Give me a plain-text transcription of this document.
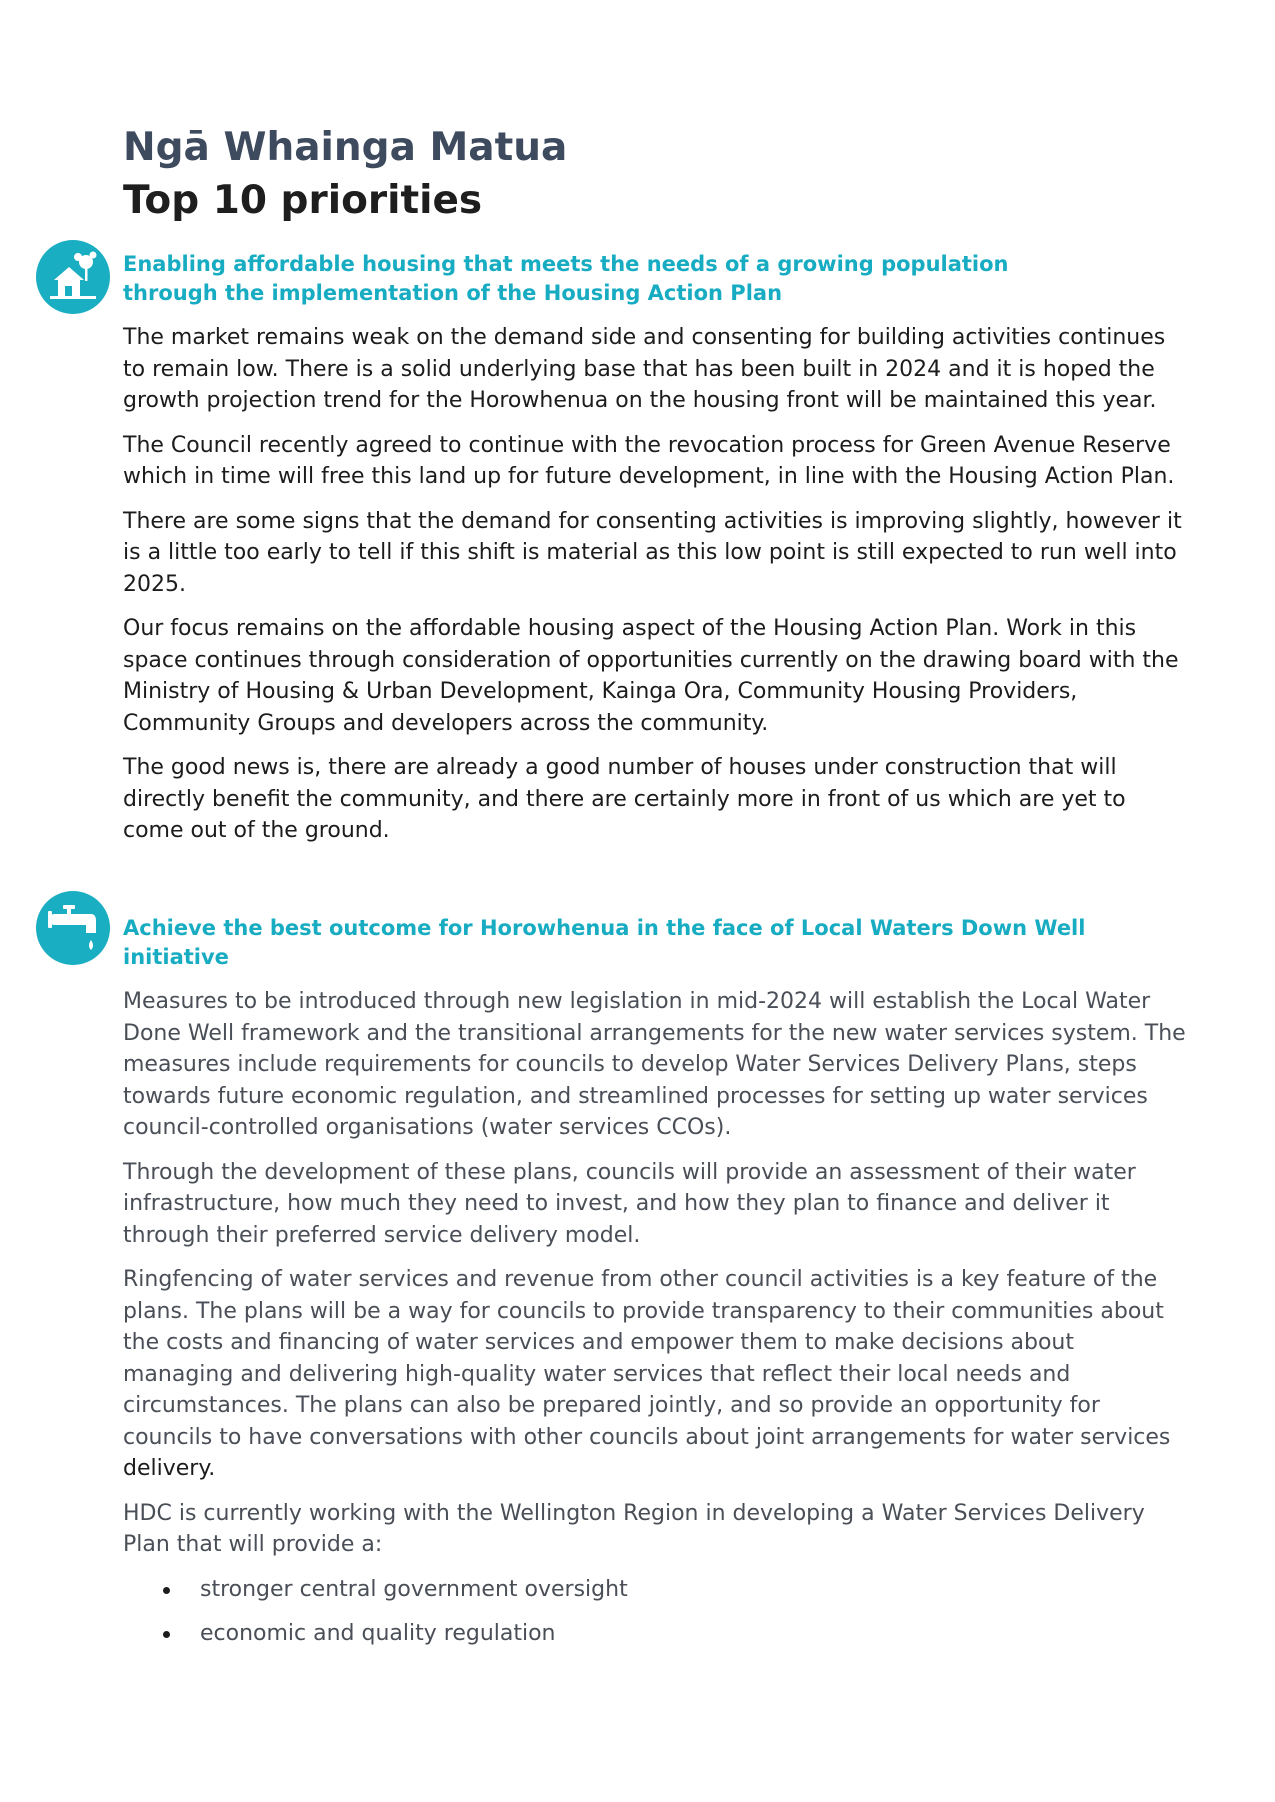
Ngā Whainga Matua
Top 10 priorities
Enabling affordable housing that meets the needs of a growing population
through the implementation of the Housing Action Plan

The market remains weak on the demand side and consenting for building activities continues
to remain low. There is a solid underlying base that has been built in 2024 and it is hoped the
growth projection trend for the Horowhenua on the housing front will be maintained this year.

The Council recently agreed to continue with the revocation process for Green Avenue Reserve
which in time will free this land up for future development, in line with the Housing Action Plan.

There are some signs that the demand for consenting activities is improving slightly, however it
is a little too early to tell if this shift is material as this low point is still expected to run well into
2025.

Our focus remains on the affordable housing aspect of the Housing Action Plan. Work in this
space continues through consideration of opportunities currently on the drawing board with the
Ministry of Housing & Urban Development, Kainga Ora, Community Housing Providers,
Community Groups and developers across the community.

The good news is, there are already a good number of houses under construction that will
directly benefit the community, and there are certainly more in front of us which are yet to
come out of the ground.

Achieve the best outcome for Horowhenua in the face of Local Waters Down Well
initiative

Measures to be introduced through new legislation in mid-2024 will establish the Local Water
Done Well framework and the transitional arrangements for the new water services system. The
measures include requirements for councils to develop Water Services Delivery Plans, steps
towards future economic regulation, and streamlined processes for setting up water services
council-controlled organisations (water services CCOs).

Through the development of these plans, councils will provide an assessment of their water
infrastructure, how much they need to invest, and how they plan to finance and deliver it
through their preferred service delivery model.

Ringfencing of water services and revenue from other council activities is a key feature of the
plans. The plans will be a way for councils to provide transparency to their communities about
the costs and financing of water services and empower them to make decisions about
managing and delivering high-quality water services that reflect their local needs and
circumstances. The plans can also be prepared jointly, and so provide an opportunity for
councils to have conversations with other councils about joint arrangements for water services
delivery.

HDC is currently working with the Wellington Region in developing a Water Services Delivery
Plan that will provide a:

stronger central government oversight
economic and quality regulation
